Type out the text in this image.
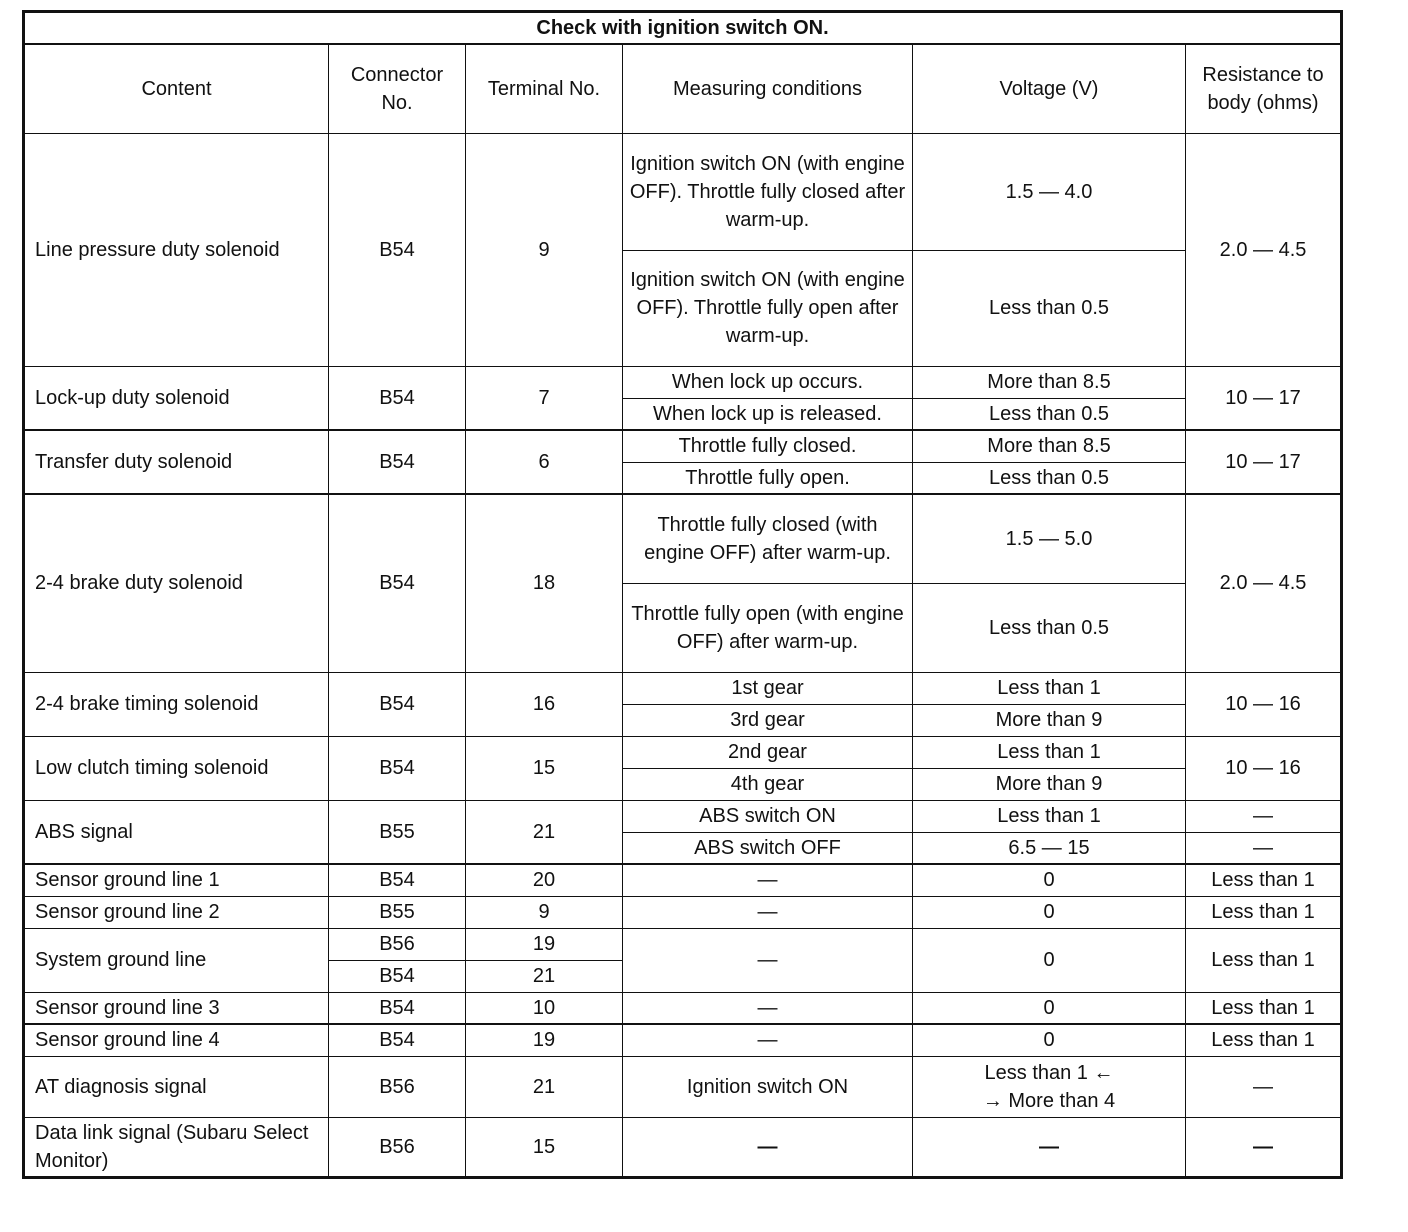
Check with ignition switch ON.					
Content	Connector No.	Terminal No.	Measuring conditions	Voltage (V)	Resistance to body (ohms)
Line pressure duty solenoid	B54	9	Ignition switch ON (with engine OFF). Throttle fully closed after warm-up.	1.5 — 4.0	2.0 — 4.5
			Ignition switch ON (with engine OFF). Throttle fully open after warm-up.	Less than 0.5	
Lock-up duty solenoid	B54	7	When lock up occurs.	More than 8.5	10 — 17
			When lock up is released.	Less than 0.5	
Transfer duty solenoid	B54	6	Throttle fully closed.	More than 8.5	10 — 17
			Throttle fully open.	Less than 0.5	
2-4 brake duty solenoid	B54	18	Throttle fully closed (with engine OFF) after warm-up.	1.5 — 5.0	2.0 — 4.5
			Throttle fully open (with engine OFF) after warm-up.	Less than 0.5	
2-4 brake timing solenoid	B54	16	1st gear	Less than 1	10 — 16
			3rd gear	More than 9	
Low clutch timing solenoid	B54	15	2nd gear	Less than 1	10 — 16
			4th gear	More than 9	
ABS signal	B55	21	ABS switch ON	Less than 1	—
			ABS switch OFF	6.5 — 15	—
Sensor ground line 1	B54	20	—	0	Less than 1
Sensor ground line 2	B55	9	—	0	Less than 1
System ground line	B56	19	—	0	Less than 1
	B54	21			
Sensor ground line 3	B54	10	—	0	Less than 1
Sensor ground line 4	B54	19	—	0	Less than 1
AT diagnosis signal	B56	21	Ignition switch ON	Less than 1 ← → More than 4	—
Data link signal (Subaru Select Monitor)	B56	15	—	—	—
